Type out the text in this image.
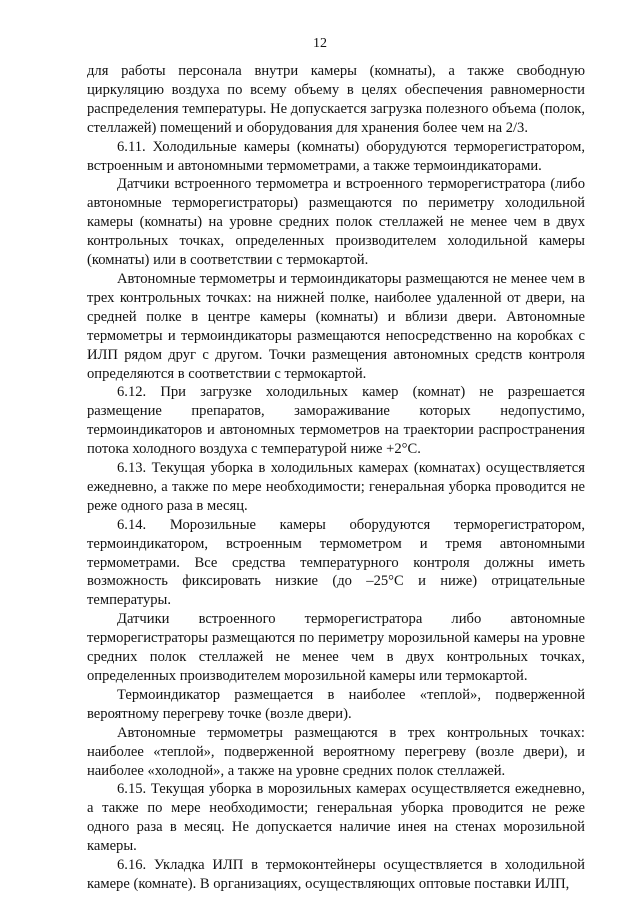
12

для работы персонала внутри камеры (комнаты), а также свободную циркуляцию воздуха по всему объему в целях обеспечения равномерности распределения температуры. Не допускается загрузка полезного объема (полок, стеллажей) помещений и оборудования для хранения более чем на 2/3.

6.11. Холодильные камеры (комнаты) оборудуются терморегистратором, встроенным и автономными термометрами, а также термоиндикаторами.

Датчики встроенного термометра и встроенного терморегистратора (либо автономные терморегистраторы) размещаются по периметру холодильной камеры (комнаты) на уровне средних полок стеллажей не менее чем в двух контрольных точках, определенных производителем холодильной камеры (комнаты) или в соответствии с термокартой.

Автономные термометры и термоиндикаторы размещаются не менее чем в трех контрольных точках: на нижней полке, наиболее удаленной от двери, на средней полке в центре камеры (комнаты) и вблизи двери. Автономные термометры и термоиндикаторы размещаются непосредственно на коробках с ИЛП рядом друг с другом. Точки размещения автономных средств контроля определяются в соответствии с термокартой.

6.12. При загрузке холодильных камер (комнат) не разрешается размещение препаратов, замораживание которых недопустимо, термоиндикаторов и автономных термометров на траектории распространения потока холодного воздуха с температурой ниже +2°С.

6.13. Текущая уборка в холодильных камерах (комнатах) осуществляется ежедневно, а также по мере необходимости; генеральная уборка проводится не реже одного раза в месяц.

6.14. Морозильные камеры оборудуются терморегистратором, термоиндикатором, встроенным термометром и тремя автономными термометрами. Все средства температурного контроля должны иметь возможность фиксировать низкие (до –25°С и ниже) отрицательные температуры.

Датчики встроенного терморегистратора либо автономные терморегистраторы размещаются по периметру морозильной камеры на уровне средних полок стеллажей не менее чем в двух контрольных точках, определенных производителем морозильной камеры или термокартой.

Термоиндикатор размещается в наиболее «теплой», подверженной вероятному перегреву точке (возле двери).

Автономные термометры размещаются в трех контрольных точках: наиболее «теплой», подверженной вероятному перегреву (возле двери), и наиболее «холодной», а также на уровне средних полок стеллажей.

6.15. Текущая уборка в морозильных камерах осуществляется ежедневно, а также по мере необходимости; генеральная уборка проводится не реже одного раза в месяц. Не допускается наличие инея на стенах морозильной камеры.

6.16. Укладка ИЛП в термоконтейнеры осуществляется в холодильной камере (комнате). В организациях, осуществляющих оптовые поставки ИЛП,
